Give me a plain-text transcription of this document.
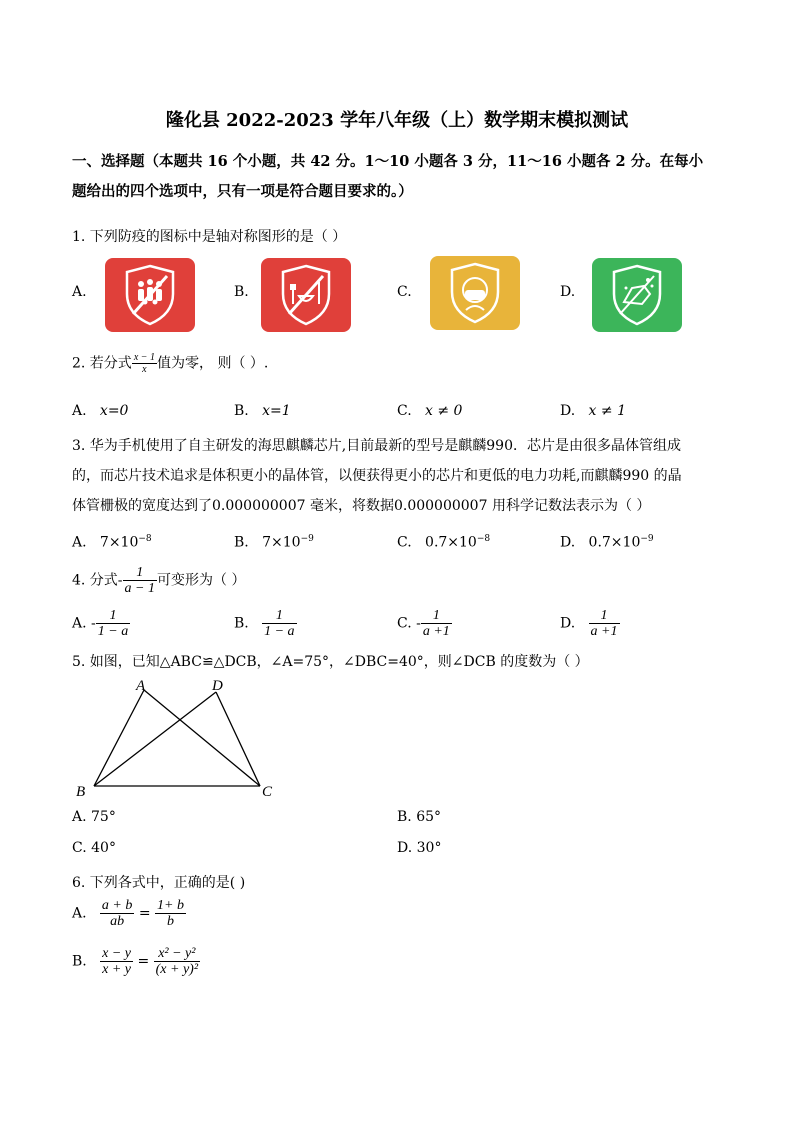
隆化县 2022-2023 学年八年级（上）数学期末模拟测试
一、选择题（本题共 16 个小题，共 42 分。1～10 小题各 3 分，11～16 小题各 2 分。在每小
题给出的四个选项中，只有一项是符合题目要求的。）
1. 下列防疫的图标中是轴对称图形的是（ ）
A.	B.	C.	D.
2. 若分式 $\frac{x - 1}{x}$ 值为零， 则（ ）.
A. x=0	B. x=1	C. x ≠ 0	D. x ≠ 1
3. 华为手机使用了自主研发的海思麒麟芯片,目前最新的型号是麒麟990．芯片是由很多晶体管组成
的，而芯片技术追求是体积更小的晶体管，以便获得更小的芯片和更低的电力功耗,而麒麟990 的晶
体管栅极的宽度达到了0.000000007 毫米，将数据0.000000007 用科学记数法表示为（ ）
A. $7\times 10^{-8}$	B. $7\times 10^{-9}$	C. $0.7\times 10^{-8}$	D. $0.7\times 10^{-9}$
4. 分式- $\frac{1}{a - 1}$ 可变形为（ ）
A. - $\frac{1}{1 - a}$	B. $\frac{1}{1 - a}$	C. - $\frac{1}{a +1}$	D. $\frac{1}{a +1}$
5. 如图，已知△ABC≌△DCB，∠A=75°，∠DBC=40°，则∠DCB 的度数为（ ）
A	D
B	C
A. 75°	B. 65°
C. 40°	D. 30°
6. 下列各式中，正确的是( )
A. $\frac{a + b}{ab} = \frac{1+ b}{b}$
B. $\frac{x - y}{x + y} = \frac{\text{x² − y²}}{\text{(x + y)²}}$
